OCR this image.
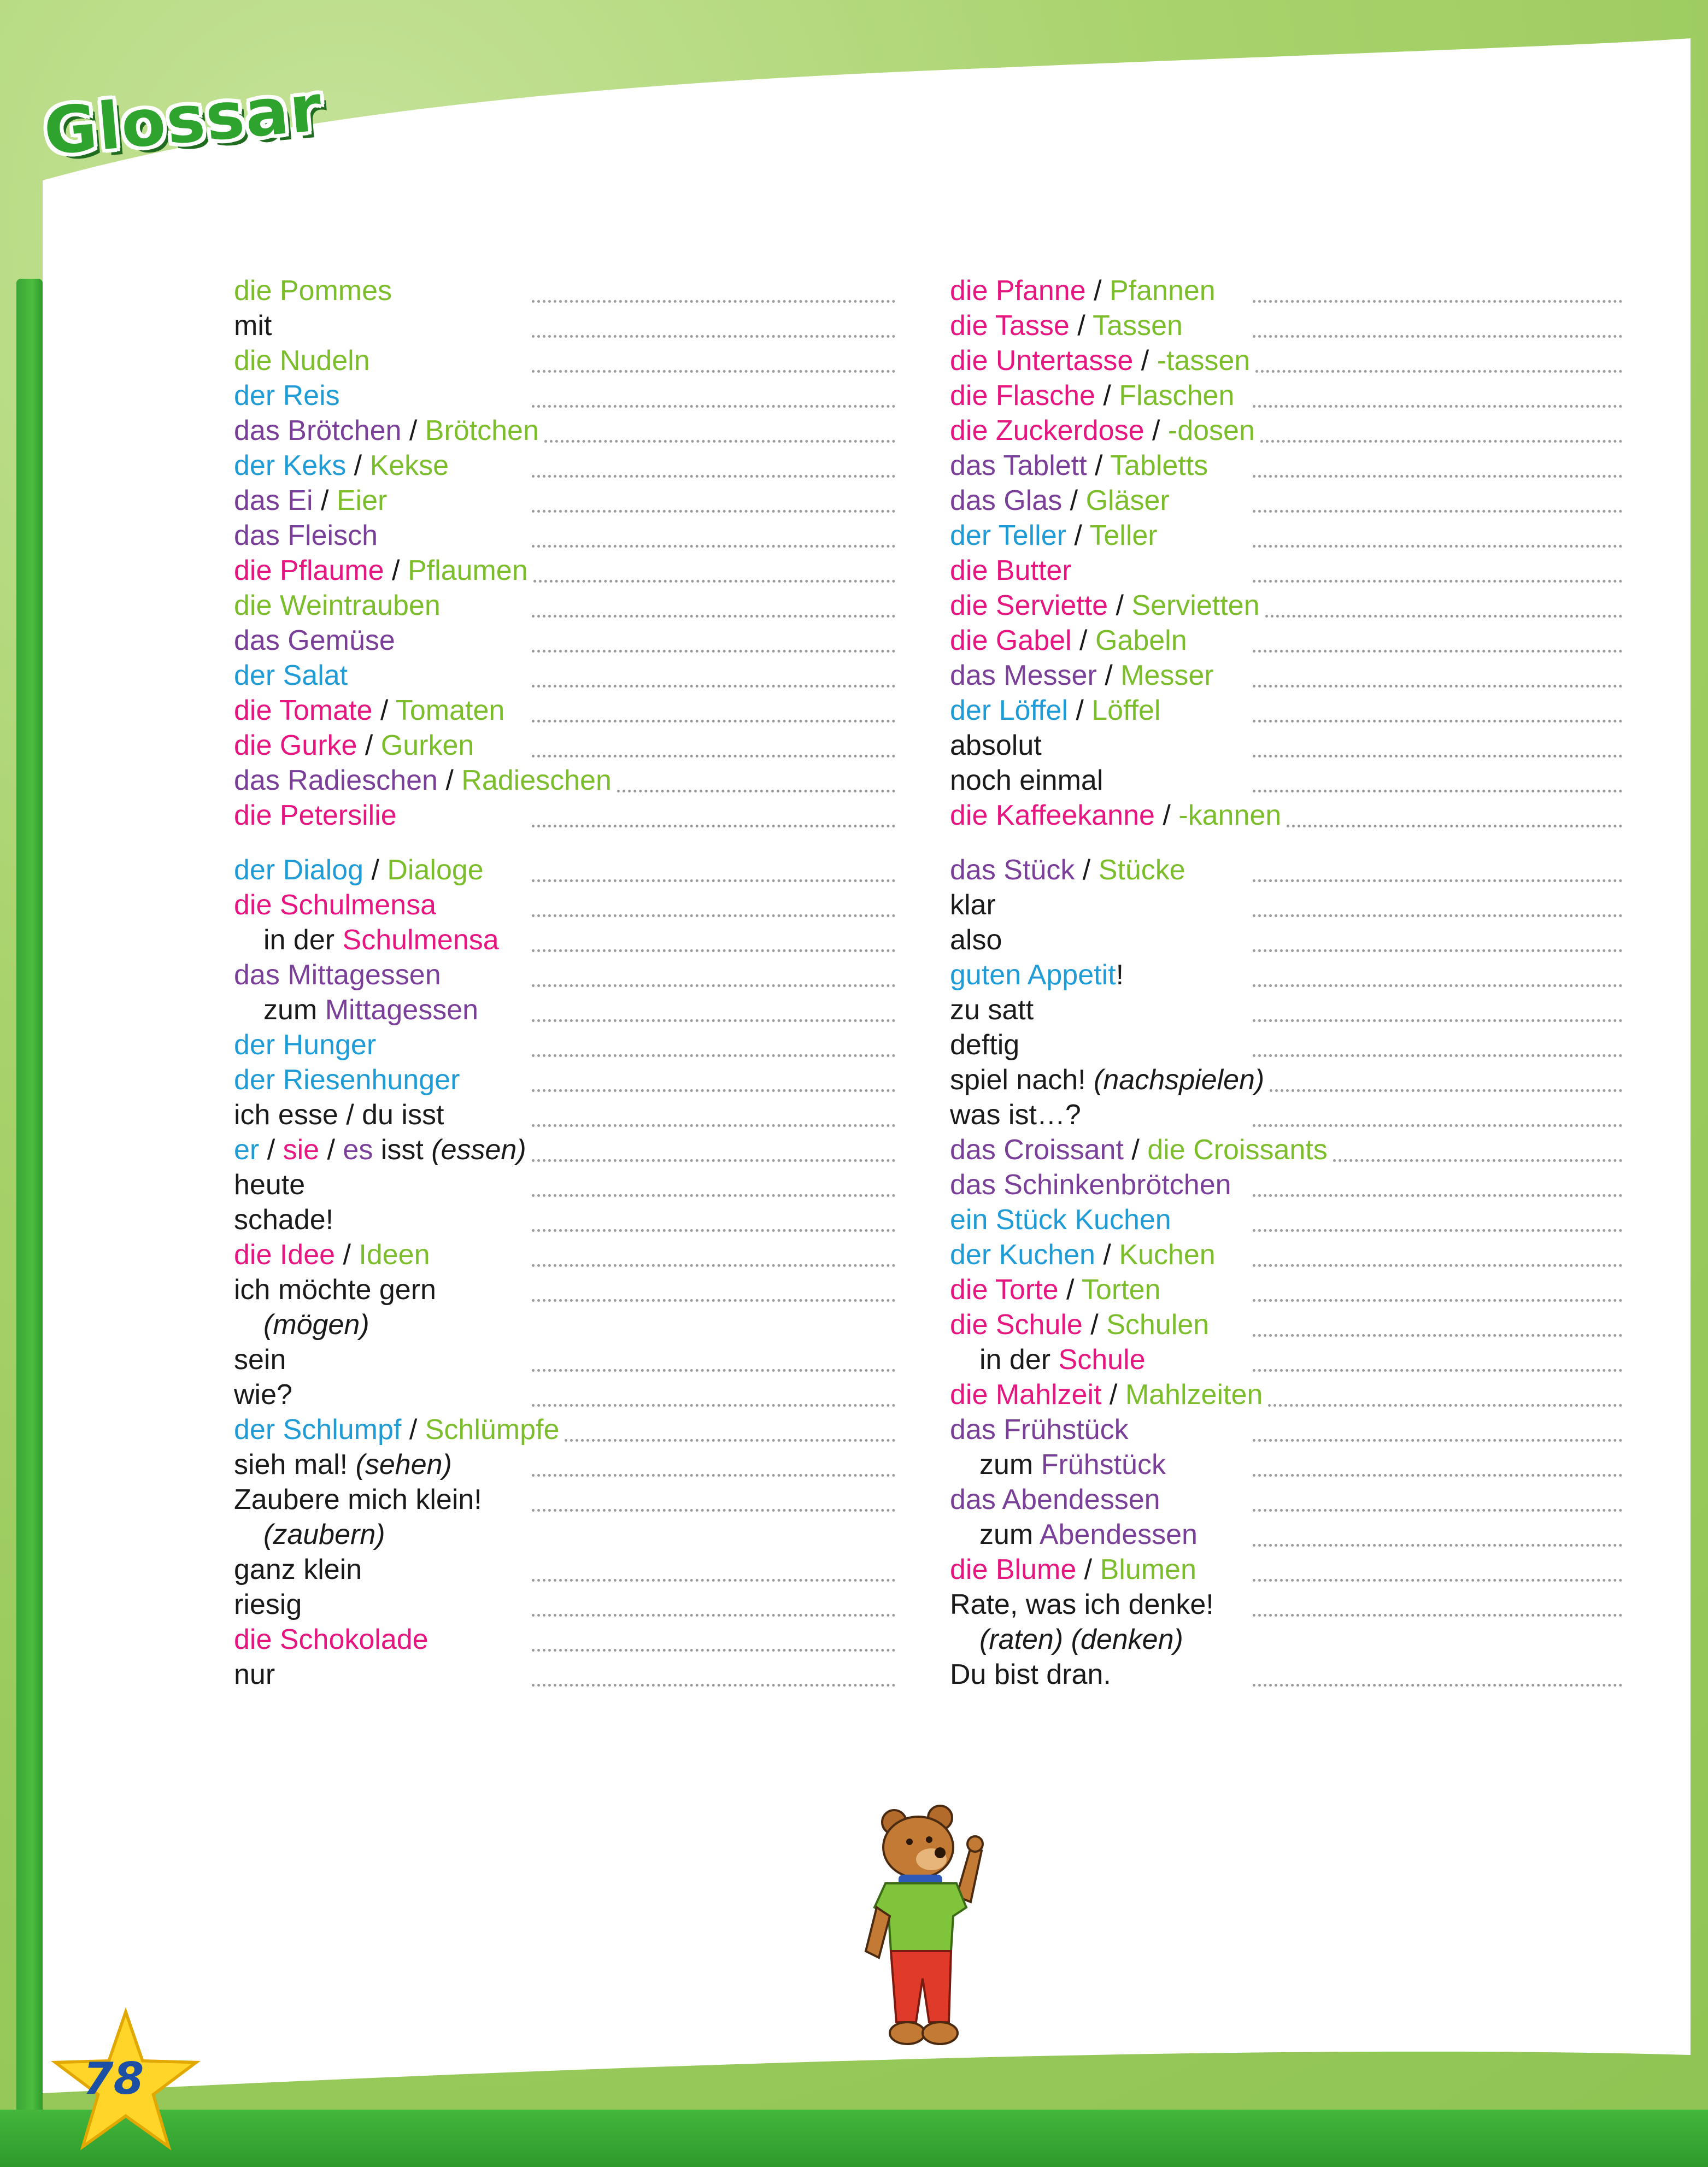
Glossar
die Pommes
mit
die Nudeln
der Reis
das Brötchen / Brötchen
der Keks / Kekse
das Ei / Eier
das Fleisch
die Pflaume / Pflaumen
die Weintrauben
das Gemüse
der Salat
die Tomate / Tomaten
die Gurke / Gurken
das Radieschen / Radieschen
die Petersilie
der Dialog / Dialoge
die Schulmensa
in der Schulmensa
das Mittagessen
zum Mittagessen
der Hunger
der Riesenhunger
ich esse / du isst
er / sie / es isst (essen)
heute
schade!
die Idee / Ideen
ich möchte gern
(mögen)
sein
wie?
der Schlumpf / Schlümpfe
sieh mal! (sehen)
Zaubere mich klein!
(zaubern)
ganz klein
riesig
die Schokolade
nur
die Pfanne / Pfannen
die Tasse / Tassen
die Untertasse / -tassen
die Flasche / Flaschen
die Zuckerdose / -dosen
das Tablett / Tabletts
das Glas / Gläser
der Teller / Teller
die Butter
die Serviette / Servietten
die Gabel / Gabeln
das Messer / Messer
der Löffel / Löffel
absolut
noch einmal
die Kaffeekanne / -kannen
das Stück / Stücke
klar
also
guten Appetit!
zu satt
deftig
spiel nach! (nachspielen)
was ist…?
das Croissant / die Croissants
das Schinkenbrötchen
ein Stück Kuchen
der Kuchen / Kuchen
die Torte / Torten
die Schule / Schulen
in der Schule
die Mahlzeit / Mahlzeiten
das Frühstück
zum Frühstück
das Abendessen
zum Abendessen
die Blume / Blumen
Rate, was ich denke!
(raten) (denken)
Du bist dran.
78
